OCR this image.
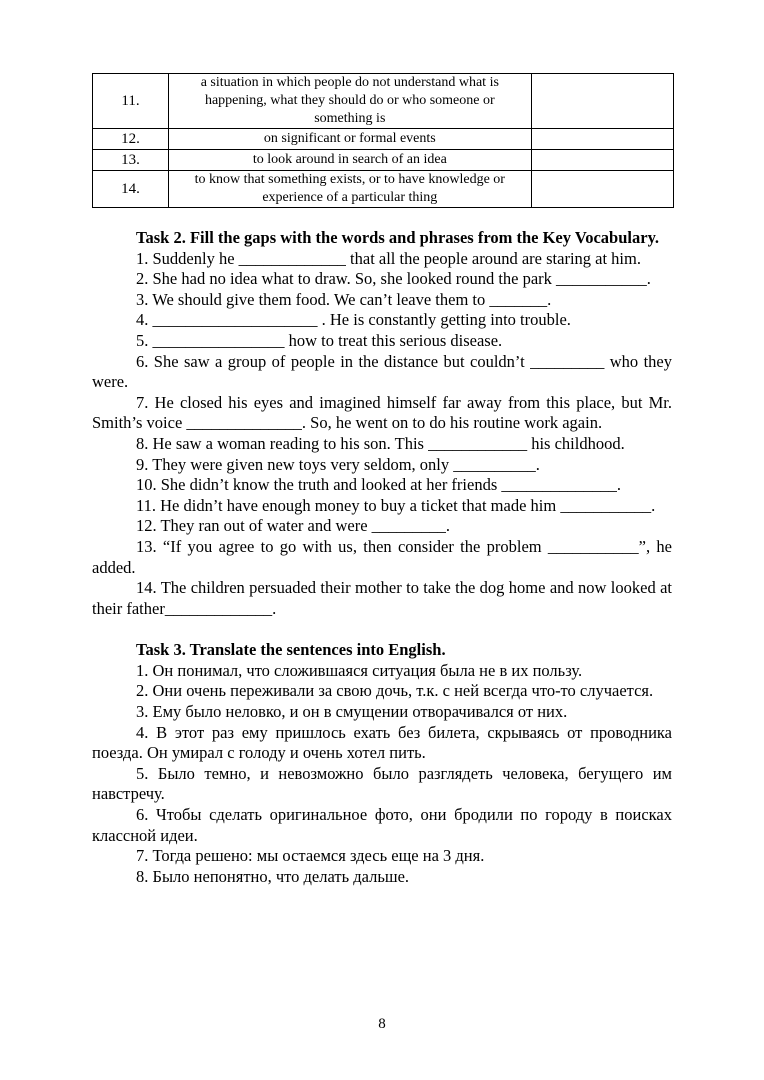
11.	a situation in which people do not understand what is happening, what they should do or who someone or something is	
12.	on significant or formal events	
13.	to look around in search of an idea	
14.	to know that something exists, or to have knowledge or experience of a particular thing	

Task 2. Fill the gaps with the words and phrases from the Key Vocabulary.

1. Suddenly he _____________ that all the people around are staring at him.

2. She had no idea what to draw. So, she looked round the park ___________.

3. We should give them food. We can’t leave them to _______.

4. ____________________ . He is constantly getting into trouble.

5. ________________ how to treat this serious disease.

6. She saw a group of people in the distance but couldn’t _________ who they were.

7. He closed his eyes and imagined himself far away from this place, but Mr. Smith’s voice ______________. So, he went on to do his routine work again.

8. He saw a woman reading to his son. This ____________ his childhood.

9. They were given new toys very seldom, only __________.

10. She didn’t know the truth and looked at her friends ______________.

11. He didn’t have enough money to buy a ticket that made him ___________.

12. They ran out of water and were _________.

13. “If you agree to go with us, then consider the problem ___________”, he added.

14. The children persuaded their mother to take the dog home and now looked at their father_____________.

Task 3. Translate the sentences into English.

1. Он понимал, что сложившаяся ситуация была не в их пользу.

2. Они очень переживали за свою дочь, т.к. с ней всегда что-то случается.

3. Ему было неловко, и он в смущении отворачивался от них.

4. В этот раз ему пришлось ехать без билета, скрываясь от проводника поезда. Он умирал с голоду и очень хотел пить.

5. Было темно, и невозможно было разглядеть человека, бегущего им навстречу.

6. Чтобы сделать оригинальное фото, они бродили по городу в поисках классной идеи.

7. Тогда решено: мы остаемся здесь еще на 3 дня.

8. Было непонятно, что делать дальше.

8
